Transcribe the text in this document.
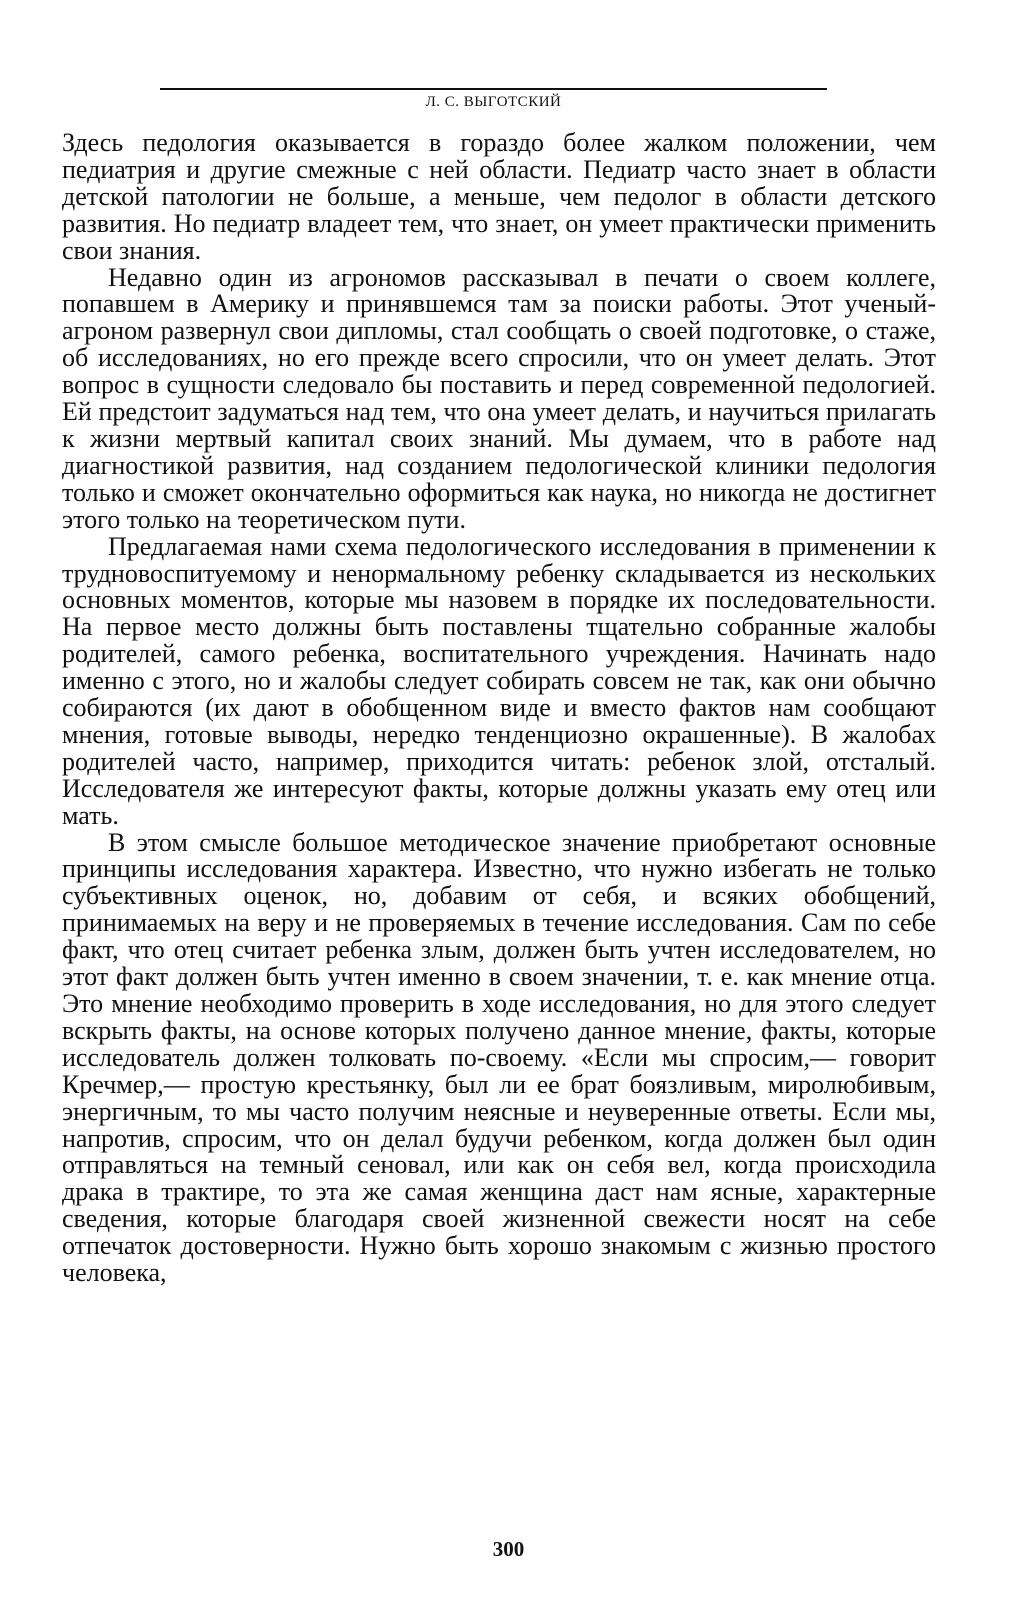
Л. С. ВЫГОТСКИЙ

Здесь педология оказывается в гораздо более жалком положении, чем педиатрия и другие смежные с ней области. Педиатр часто знает в области детской патологии не больше, а меньше, чем педолог в области детского развития. Но педиатр владеет тем, что знает, он умеет практически применить свои знания.

Недавно один из агрономов рассказывал в печати о своем коллеге, попавшем в Америку и принявшемся там за поиски работы. Этот ученый-агроном развернул свои дипломы, стал сообщать о своей подготовке, о стаже, об исследованиях, но его прежде всего спросили, что он умеет делать. Этот вопрос в сущности следовало бы поставить и перед современной педологией. Ей предстоит задуматься над тем, что она умеет делать, и научиться прилагать к жизни мертвый капитал своих знаний. Мы думаем, что в работе над диагностикой развития, над созданием педологической клиники педология только и сможет окончательно оформиться как наука, но никогда не достигнет этого только на теоретическом пути.

Предлагаемая нами схема педологического исследования в применении к трудновоспитуемому и ненормальному ребенку складывается из нескольких основных моментов, которые мы назовем в порядке их последовательности. На первое место должны быть поставлены тщательно собранные жалобы родителей, самого ребенка, воспитательного учреждения. Начинать надо именно с этого, но и жалобы следует собирать совсем не так, как они обычно собираются (их дают в обобщенном виде и вместо фактов нам сообщают мнения, готовые выводы, нередко тенденциозно окрашенные). В жалобах родителей часто, например, приходится читать: ребенок злой, отсталый. Исследователя же интересуют факты, которые должны указать ему отец или мать.

В этом смысле большое методическое значение приобретают основные принципы исследования характера. Известно, что нужно избегать не только субъективных оценок, но, добавим от себя, и всяких обобщений, принимаемых на веру и не проверяемых в течение исследования. Сам по себе факт, что отец считает ребенка злым, должен быть учтен исследователем, но этот факт должен быть учтен именно в своем значении, т. е. как мнение отца. Это мнение необходимо проверить в ходе исследования, но для этого следует вскрыть факты, на основе которых получено данное мнение, факты, которые исследователь должен толковать по-своему. «Если мы спросим,— говорит Кречмер,— простую крестьянку, был ли ее брат боязливым, миролюбивым, энергичным, то мы часто получим неясные и неуверенные ответы. Если мы, напротив, спросим, что он делал будучи ребенком, когда должен был один отправляться на темный сеновал, или как он себя вел, когда происходила драка в трактире, то эта же самая женщина даст нам ясные, характерные сведения, которые благодаря своей жизненной свежести носят на себе отпечаток достоверности. Нужно быть хорошо знакомым с жизнью простого человека,

300
